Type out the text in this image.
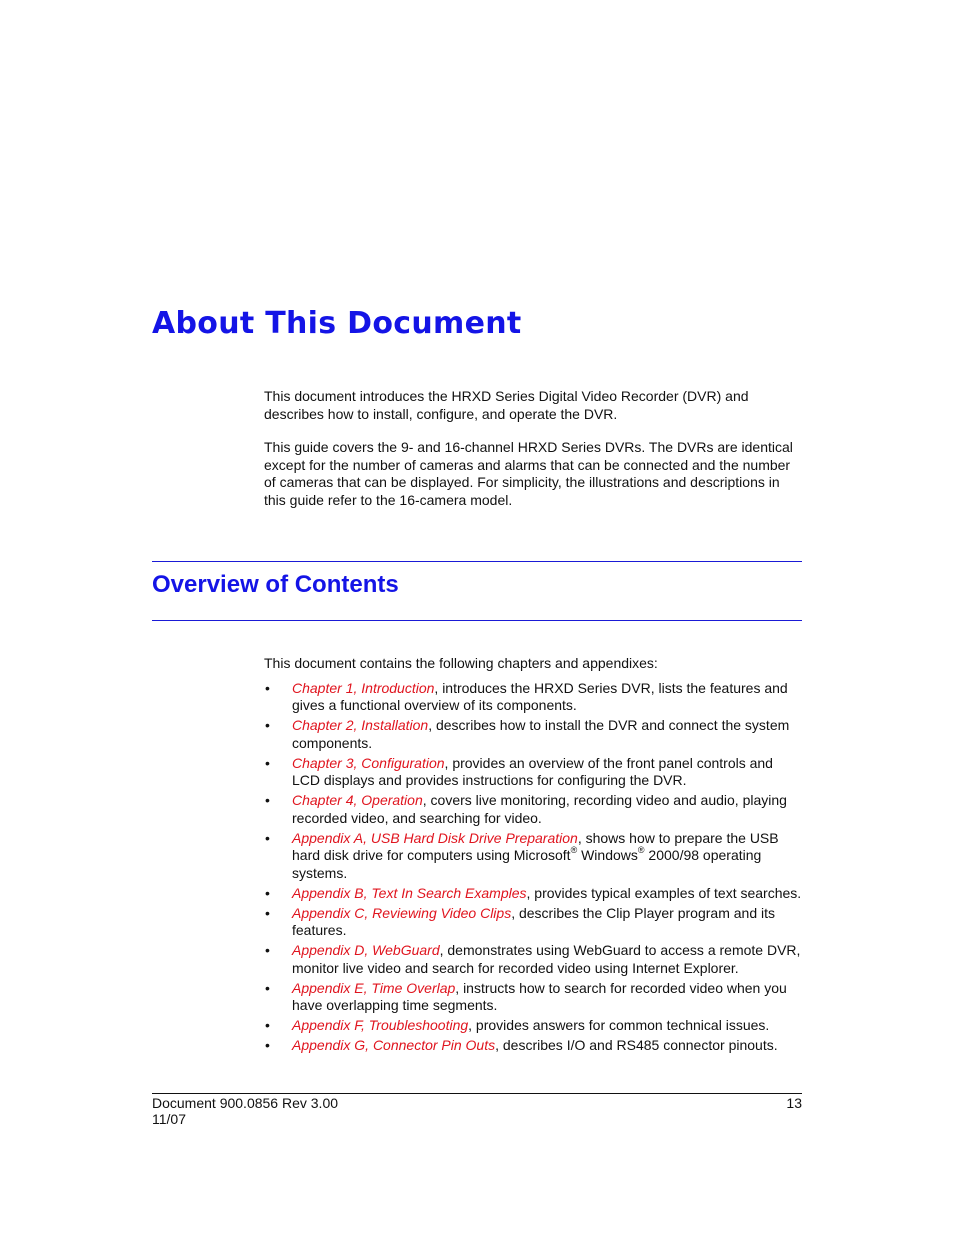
About This Document

This document introduces the HRXD Series Digital Video Recorder (DVR) and describes how to install, configure, and operate the DVR.

This guide covers the 9- and 16-channel HRXD Series DVRs. The DVRs are identical except for the number of cameras and alarms that can be connected and the number of cameras that can be displayed. For simplicity, the illustrations and descriptions in this guide refer to the 16-camera model.

Overview of Contents

This document contains the following chapters and appendixes:

• Chapter 1, Introduction, introduces the HRXD Series DVR, lists the features and gives a functional overview of its components.
• Chapter 2, Installation, describes how to install the DVR and connect the system components.
• Chapter 3, Configuration, provides an overview of the front panel controls and LCD displays and provides instructions for configuring the DVR.
• Chapter 4, Operation, covers live monitoring, recording video and audio, playing recorded video, and searching for video.
• Appendix A, USB Hard Disk Drive Preparation, shows how to prepare the USB hard disk drive for computers using Microsoft® Windows® 2000/98 operating systems.
• Appendix B, Text In Search Examples, provides typical examples of text searches.
• Appendix C, Reviewing Video Clips, describes the Clip Player program and its features.
• Appendix D, WebGuard, demonstrates using WebGuard to access a remote DVR, monitor live video and search for recorded video using Internet Explorer.
• Appendix E, Time Overlap, instructs how to search for recorded video when you have overlapping time segments.
• Appendix F, Troubleshooting, provides answers for common technical issues.
• Appendix G, Connector Pin Outs, describes I/O and RS485 connector pinouts.
Document 900.0856 Rev 3.00
11/07
13
